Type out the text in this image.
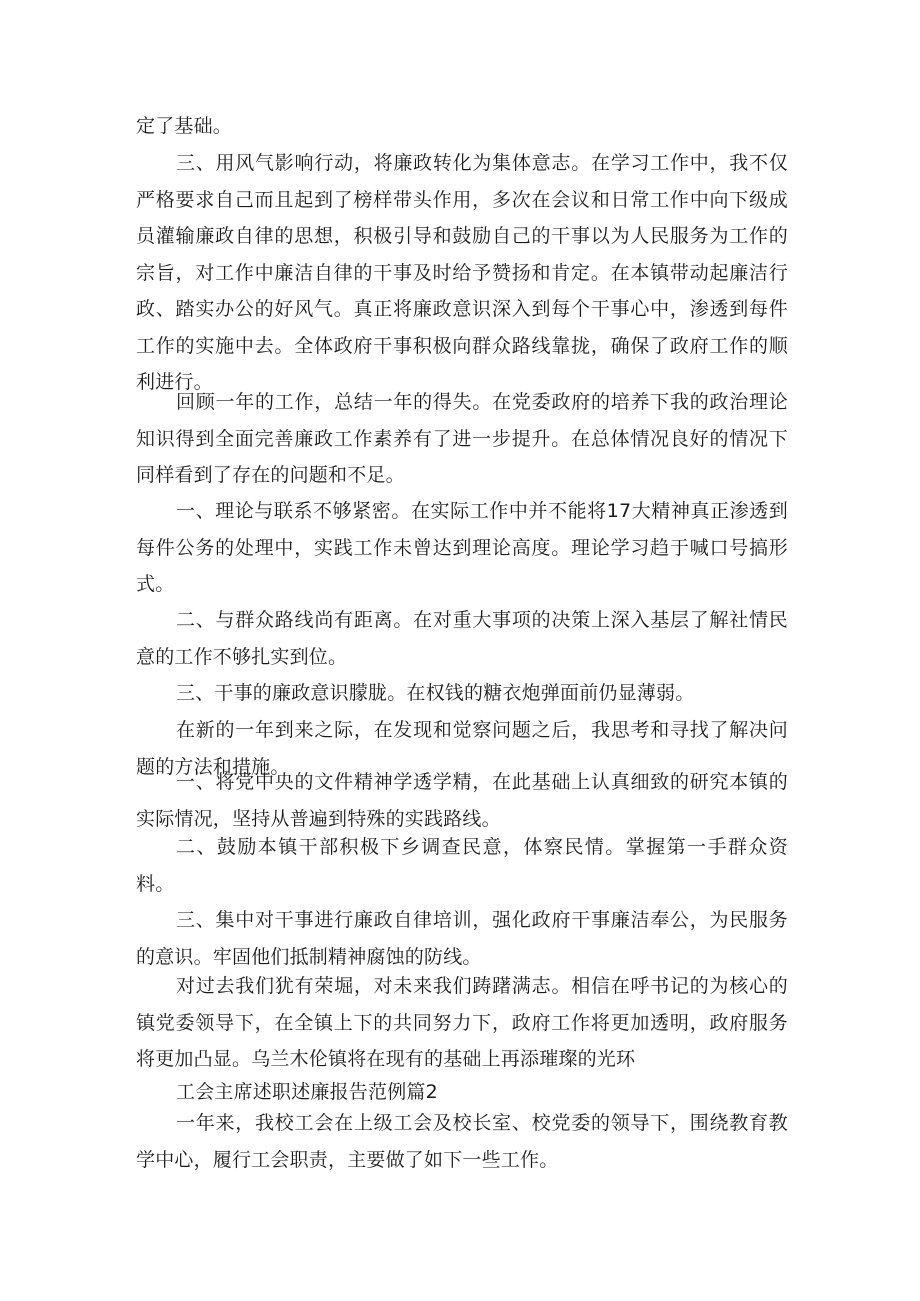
定了基础。

三、用风气影响行动，将廉政转化为集体意志。在学习工作中，我不仅严格要求自己而且起到了榜样带头作用，多次在会议和日常工作中向下级成员灌输廉政自律的思想，积极引导和鼓励自己的干事以为人民服务为工作的宗旨，对工作中廉洁自律的干事及时给予赞扬和肯定。在本镇带动起廉洁行政、踏实办公的好风气。真正将廉政意识深入到每个干事心中，渗透到每件工作的实施中去。全体政府干事积极向群众路线靠拢，确保了政府工作的顺利进行。

回顾一年的工作，总结一年的得失。在党委政府的培养下我的政治理论知识得到全面完善廉政工作素养有了进一步提升。在总体情况良好的情况下同样看到了存在的问题和不足。

一、理论与联系不够紧密。在实际工作中并不能将17大精神真正渗透到每件公务的处理中，实践工作未曾达到理论高度。理论学习趋于喊口号搞形式。

二、与群众路线尚有距离。在对重大事项的决策上深入基层了解社情民意的工作不够扎实到位。

三、干事的廉政意识朦胧。在权钱的糖衣炮弹面前仍显薄弱。

在新的一年到来之际，在发现和觉察问题之后，我思考和寻找了解决问题的方法和措施。

一、将党中央的文件精神学透学精，在此基础上认真细致的研究本镇的实际情况，坚持从普遍到特殊的实践路线。

二、鼓励本镇干部积极下乡调查民意，体察民情。掌握第一手群众资料。

三、集中对干事进行廉政自律培训，强化政府干事廉洁奉公，为民服务的意识。牢固他们抵制精神腐蚀的防线。

对过去我们犹有荣堀，对未来我们踌躇满志。相信在呼书记的为核心的镇党委领导下，在全镇上下的共同努力下，政府工作将更加透明，政府服务将更加凸显。乌兰木伦镇将在现有的基础上再添璀璨的光环

工会主席述职述廉报告范例篇2

一年来，我校工会在上级工会及校长室、校党委的领导下，围绕教育教学中心，履行工会职责，主要做了如下一些工作。
